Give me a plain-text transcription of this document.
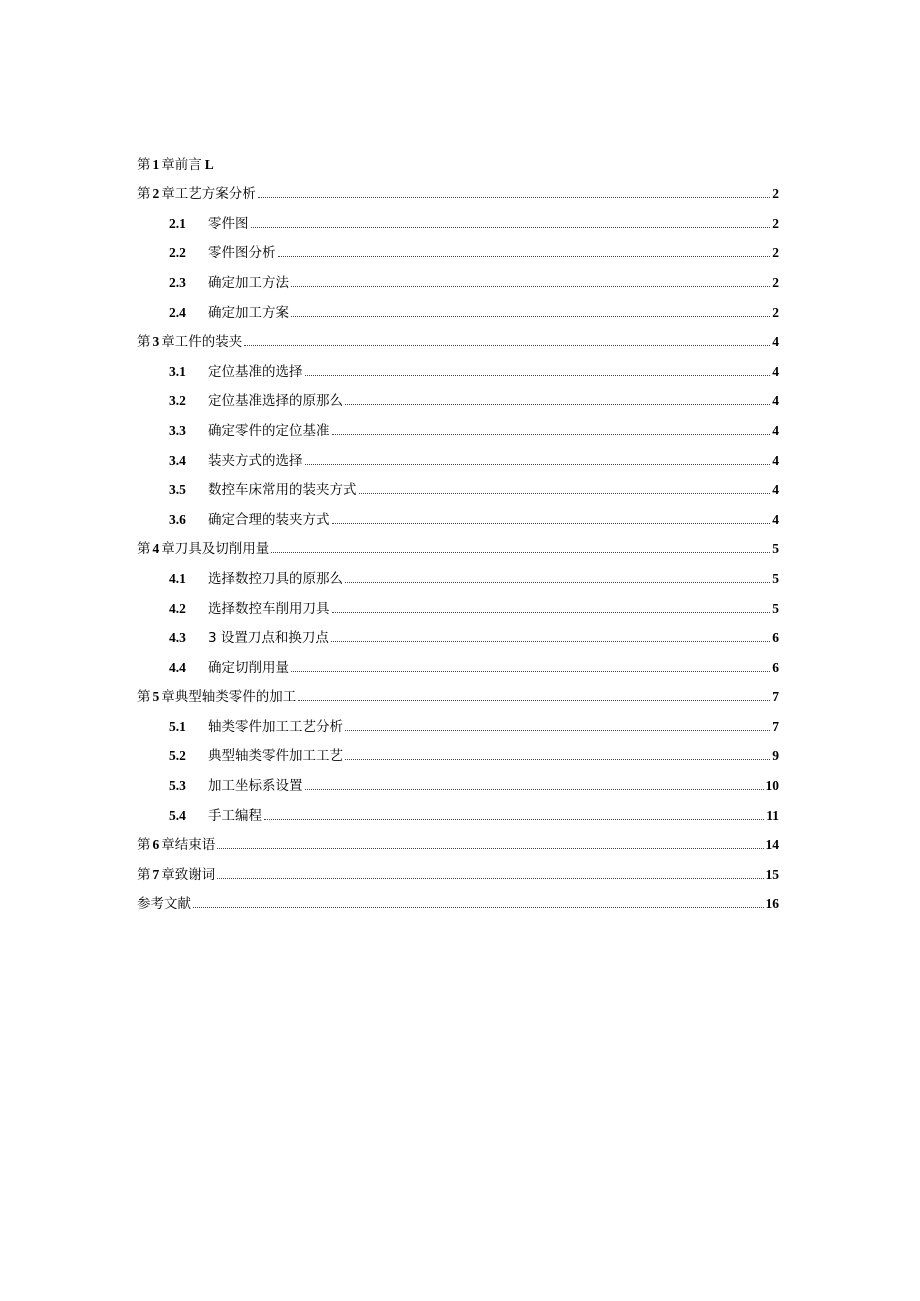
第 1 章前言 L
第 2 章工艺方案分析	2
2.1	零件图	2
2.2	零件图分析	2
2.3	确定加工方法	2
2.4	确定加工方案	2
第 3 章工件的装夹	4
3.1	定位基准的选择	4
3.2	定位基准选择的原那么	4
3.3	确定零件的定位基准	4
3.4	装夹方式的选择	4
3.5	数控车床常用的装夹方式	4
3.6	确定合理的装夹方式	4
第 4 章刀具及切削用量	5
4.1	选择数控刀具的原那么	5
4.2	选择数控车削用刀具	5
4.3	3 设置刀点和换刀点	6
4.4	确定切削用量	6
第 5 章典型轴类零件的加工	7
5.1	轴类零件加工工艺分析	7
5.2	典型轴类零件加工工艺	9
5.3	加工坐标系设置	10
5.4	手工编程	11
第 6 章结束语	14
第 7 章致谢词	15
参考文献	16
